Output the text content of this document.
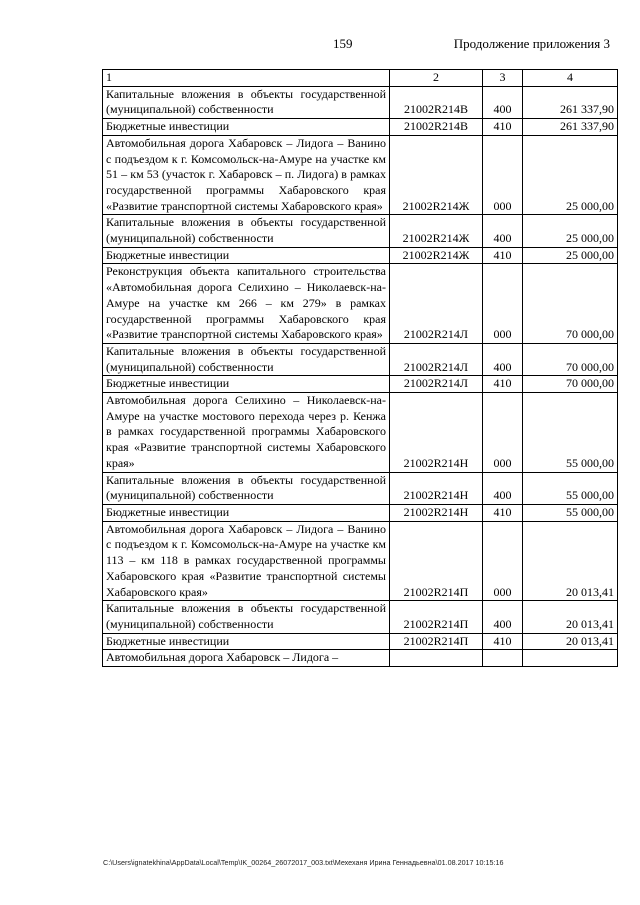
159	Продолжение приложения 3
1	2	3	4
Капитальные вложения в объекты государственной (муниципальной) собственности	21002R214В	400	261 337,90
Бюджетные инвестиции	21002R214В	410	261 337,90
Автомобильная дорога Хабаровск – Лидога – Ванино с подъездом к г. Комсомольск-на-Амуре на участке км 51 – км 53 (участок г. Хабаровск – п. Лидога) в рамках государственной программы Хабаровского края «Развитие транспортной системы Хабаровского края»	21002R214Ж	000	25 000,00
Капитальные вложения в объекты государственной (муниципальной) собственности	21002R214Ж	400	25 000,00
Бюджетные инвестиции	21002R214Ж	410	25 000,00
Реконструкция объекта капитального строительства «Автомобильная дорога Селихино – Николаевск-на-Амуре на участке км 266 – км 279» в рамках государственной программы Хабаровского края «Развитие транспортной системы Хабаровского края»	21002R214Л	000	70 000,00
Капитальные вложения в объекты государственной (муниципальной) собственности	21002R214Л	400	70 000,00
Бюджетные инвестиции	21002R214Л	410	70 000,00
Автомобильная дорога Селихино – Николаевск-на-Амуре на участке мостового перехода через р. Кенжа в рамках государственной программы Хабаровского края «Развитие транспортной системы Хабаровского края»	21002R214Н	000	55 000,00
Капитальные вложения в объекты государственной (муниципальной) собственности	21002R214Н	400	55 000,00
Бюджетные инвестиции	21002R214Н	410	55 000,00
Автомобильная дорога Хабаровск – Лидога – Ванино с подъездом к г. Комсомольск-на-Амуре на участке км 113 – км 118 в рамках государственной программы Хабаровского края «Развитие транспортной системы Хабаровского края»	21002R214П	000	20 013,41
Капитальные вложения в объекты государственной (муниципальной) собственности	21002R214П	400	20 013,41
Бюджетные инвестиции	21002R214П	410	20 013,41
Автомобильная дорога Хабаровск – Лидога –			
C:\Users\ignatekhina\AppData\Local\Temp\IK_00264_26072017_003.txt\Мехеханя Ирина Геннадьевна\01.08.2017 10:15:16
